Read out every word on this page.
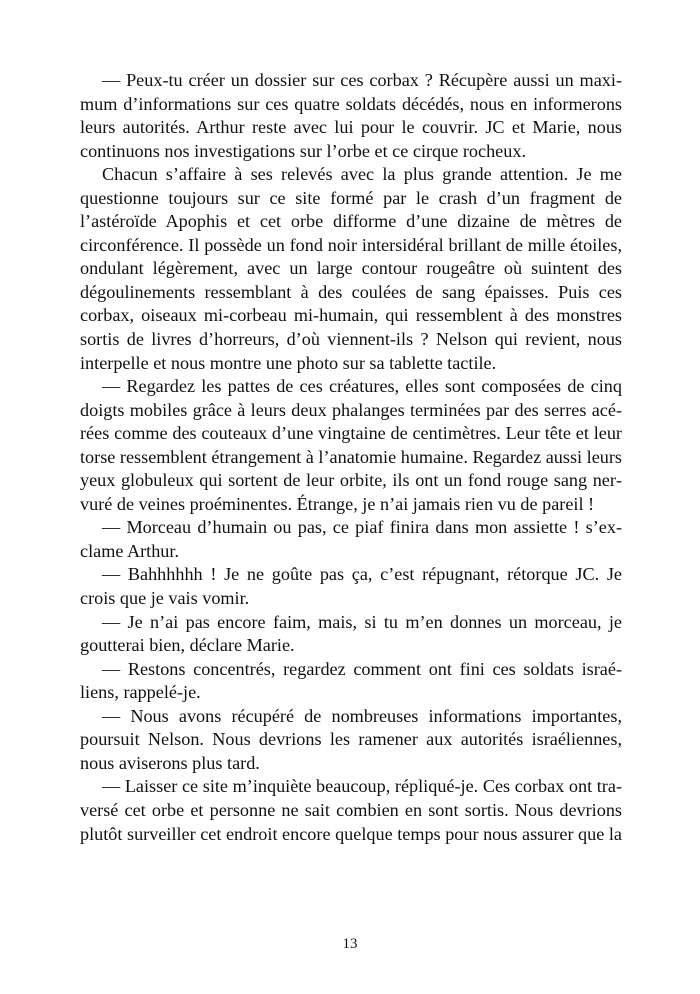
— Peux-tu créer un dossier sur ces corbax ? Récupère aussi un maximum d’informations sur ces quatre soldats décédés, nous en informerons leurs autorités. Arthur reste avec lui pour le couvrir. JC et Marie, nous continuons nos investigations sur l’orbe et ce cirque rocheux.

Chacun s’affaire à ses relevés avec la plus grande attention. Je me questionne toujours sur ce site formé par le crash d’un fragment de l’astéroïde Apophis et cet orbe difforme d’une dizaine de mètres de circonférence. Il possède un fond noir intersidéral brillant de mille étoiles, ondulant légèrement, avec un large contour rougeâtre où suintent des dégoulinements ressemblant à des coulées de sang épaisses. Puis ces corbax, oiseaux mi-corbeau mi-humain, qui ressemblent à des monstres sortis de livres d’horreurs, d’où viennent-ils ? Nelson qui revient, nous interpelle et nous montre une photo sur sa tablette tactile.

— Regardez les pattes de ces créatures, elles sont composées de cinq doigts mobiles grâce à leurs deux phalanges terminées par des serres acérées comme des couteaux d’une vingtaine de centimètres. Leur tête et leur torse ressemblent étrangement à l’anatomie humaine. Regardez aussi leurs yeux globuleux qui sortent de leur orbite, ils ont un fond rouge sang nervuré de veines proéminentes. Étrange, je n’ai jamais rien vu de pareil !

— Morceau d’humain ou pas, ce piaf finira dans mon assiette ! s’exclame Arthur.

— Bahhhhhh ! Je ne goûte pas ça, c’est répugnant, rétorque JC. Je crois que je vais vomir.

— Je n’ai pas encore faim, mais, si tu m’en donnes un morceau, je goutterai bien, déclare Marie.

— Restons concentrés, regardez comment ont fini ces soldats israéliens, rappelé-je.

— Nous avons récupéré de nombreuses informations importantes, poursuit Nelson. Nous devrions les ramener aux autorités israéliennes, nous aviserons plus tard.

— Laisser ce site m’inquiète beaucoup, répliqué-je. Ces corbax ont traversé cet orbe et personne ne sait combien en sont sortis. Nous devrions plutôt surveiller cet endroit encore quelque temps pour nous assurer que la

13
